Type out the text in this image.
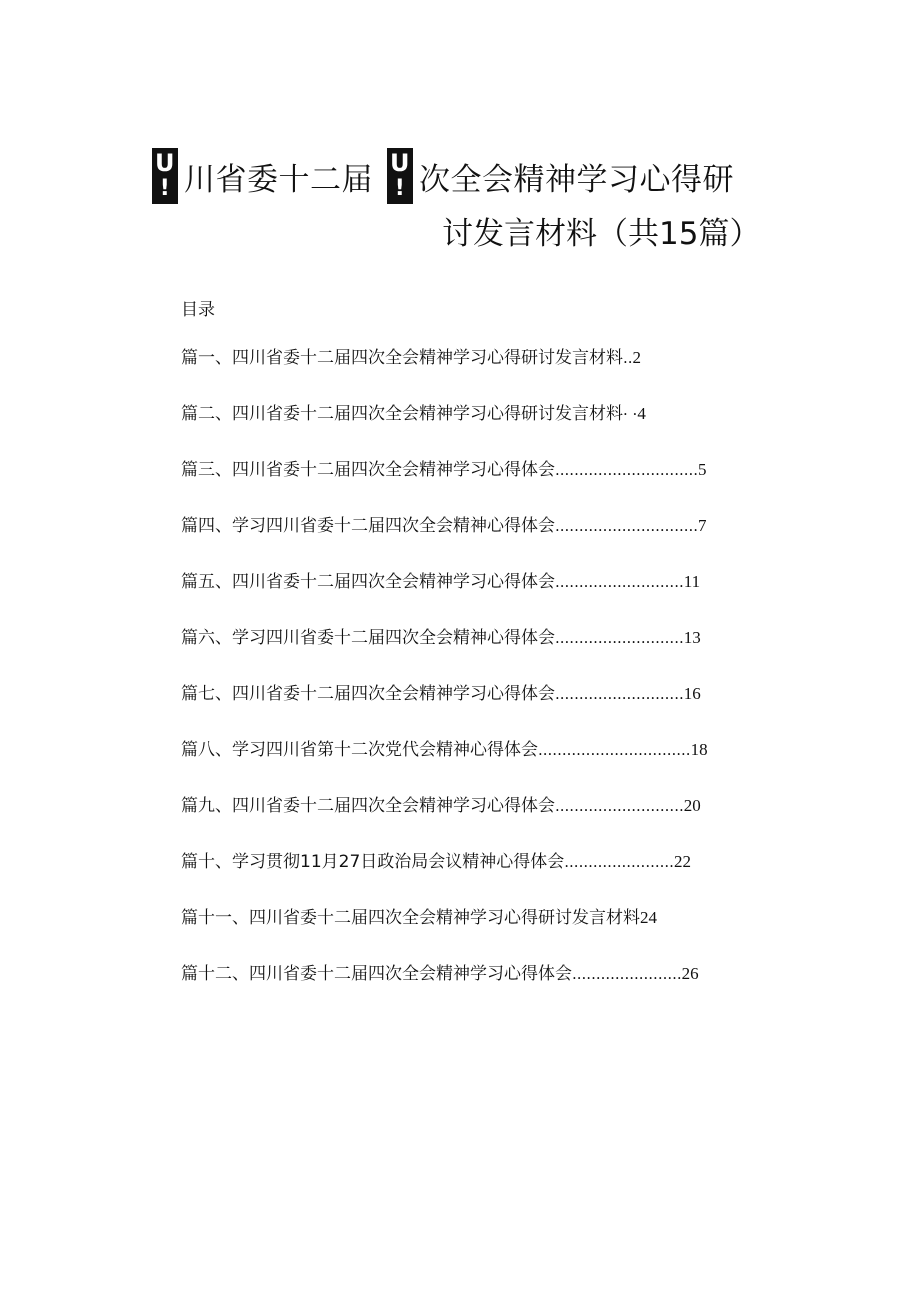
U
! 川省委十二届 U
! 次全会精神学习心得研
讨发言材料（共15篇）
目录
篇一、四川省委十二届四次全会精神学习心得研讨发言材料 .. 2
篇二、四川省委十二届四次全会精神学习心得研讨发言材料 · · 4
篇三、四川省委十二届四次全会精神学习心得体会 .............................. 5
篇四、学习四川省委十二届四次全会精神心得体会 .............................. 7
篇五、四川省委十二届四次全会精神学习心得体会 ........................... 11
篇六、学习四川省委十二届四次全会精神心得体会 ........................... 13
篇七、四川省委十二届四次全会精神学习心得体会 ........................... 16
篇八、学习四川省第十二次党代会精神心得体会 ................................ 18
篇九、四川省委十二届四次全会精神学习心得体会 ........................... 20
篇十、学习贯彻11月27日政治局会议精神心得体会 ....................... 22
篇十一、四川省委十二届四次全会精神学习心得研讨发言材料 24
篇十二、四川省委十二届四次全会精神学习心得体会 ....................... 26
